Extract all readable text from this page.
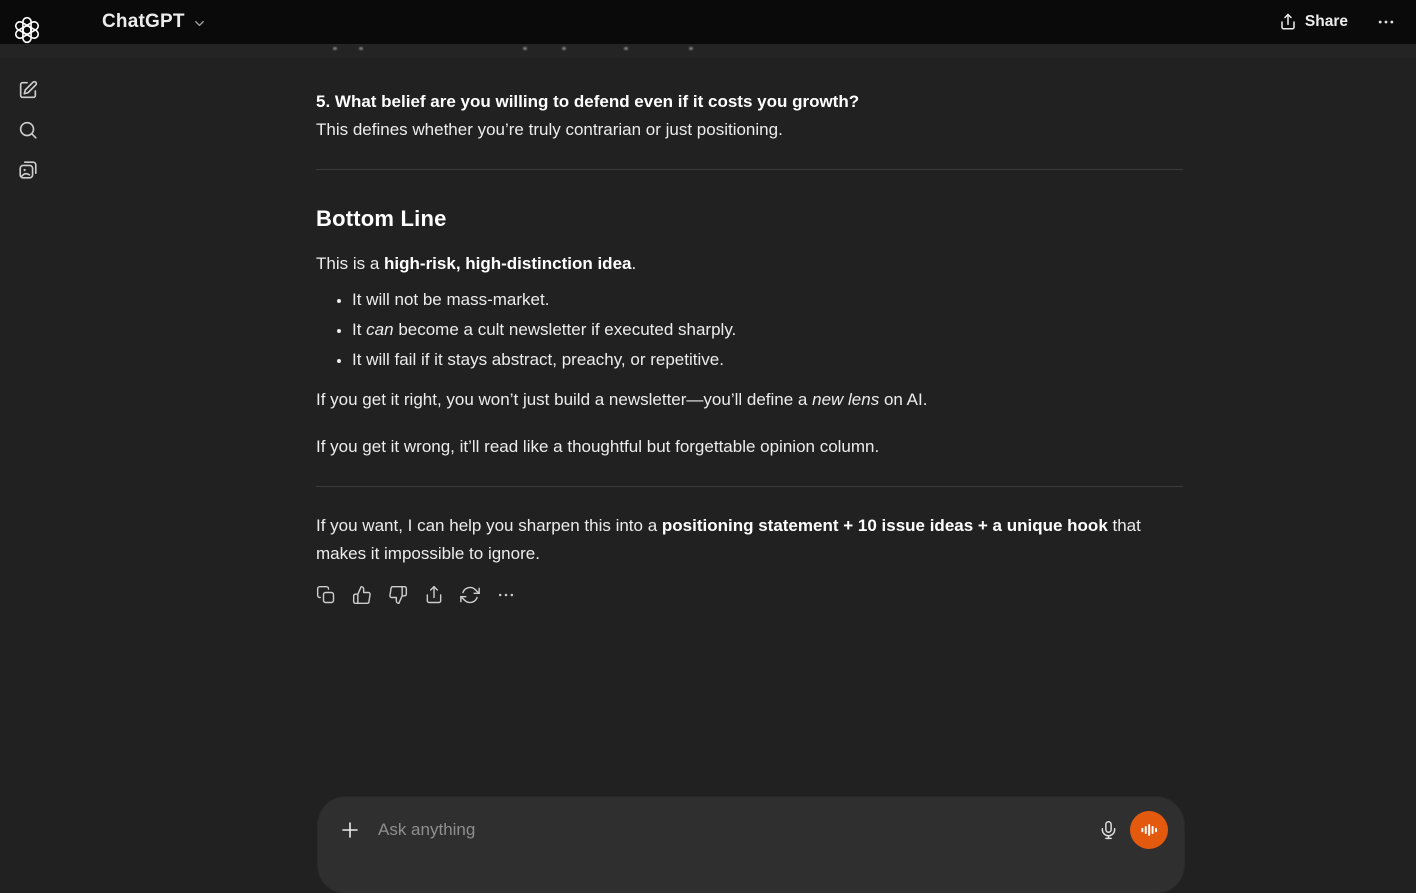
ChatGPT	Share

5. What belief are you willing to defend even if it costs you growth?

This defines whether you’re truly contrarian or just positioning.

Bottom Line

This is a high-risk, high-distinction idea.

• It will not be mass-market.
• It can become a cult newsletter if executed sharply.
• It will fail if it stays abstract, preachy, or repetitive.

If you get it right, you won’t just build a newsletter—you’ll define a new lens on AI.

If you get it wrong, it’ll read like a thoughtful but forgettable opinion column.

If you want, I can help you sharpen this into a positioning statement + 10 issue ideas + a unique hook that makes it impossible to ignore.

Ask anything
